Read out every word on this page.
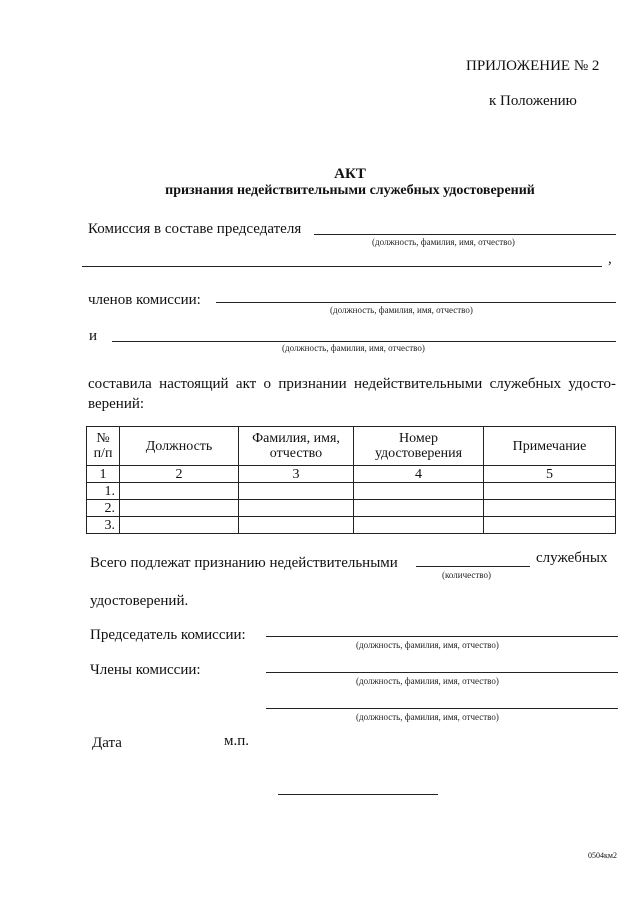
ПРИЛОЖЕНИЕ № 2
к Положению
АКТ
признания недействительными служебных удостоверений
Комиссия в составе председателя
(должность, фамилия, имя, отчество)
,
членов комиссии:
(должность, фамилия, имя, отчество)
и
(должность, фамилия, имя, отчество)
составила настоящий акт о признании недействительными служебных удосто-
верений:
№ п/п	Должность	Фамилия, имя, отчество	Номер удостоверения	Примечание
1	2	3	4	5
1.				
2.				
3.				
Всего подлежат признанию недействительными
(количество)
служебных
удостоверений.
Председатель комиссии:
(должность, фамилия, имя, отчество)
Члены комиссии:
(должность, фамилия, имя, отчество)
(должность, фамилия, имя, отчество)
Дата	м.п.
0504км2
